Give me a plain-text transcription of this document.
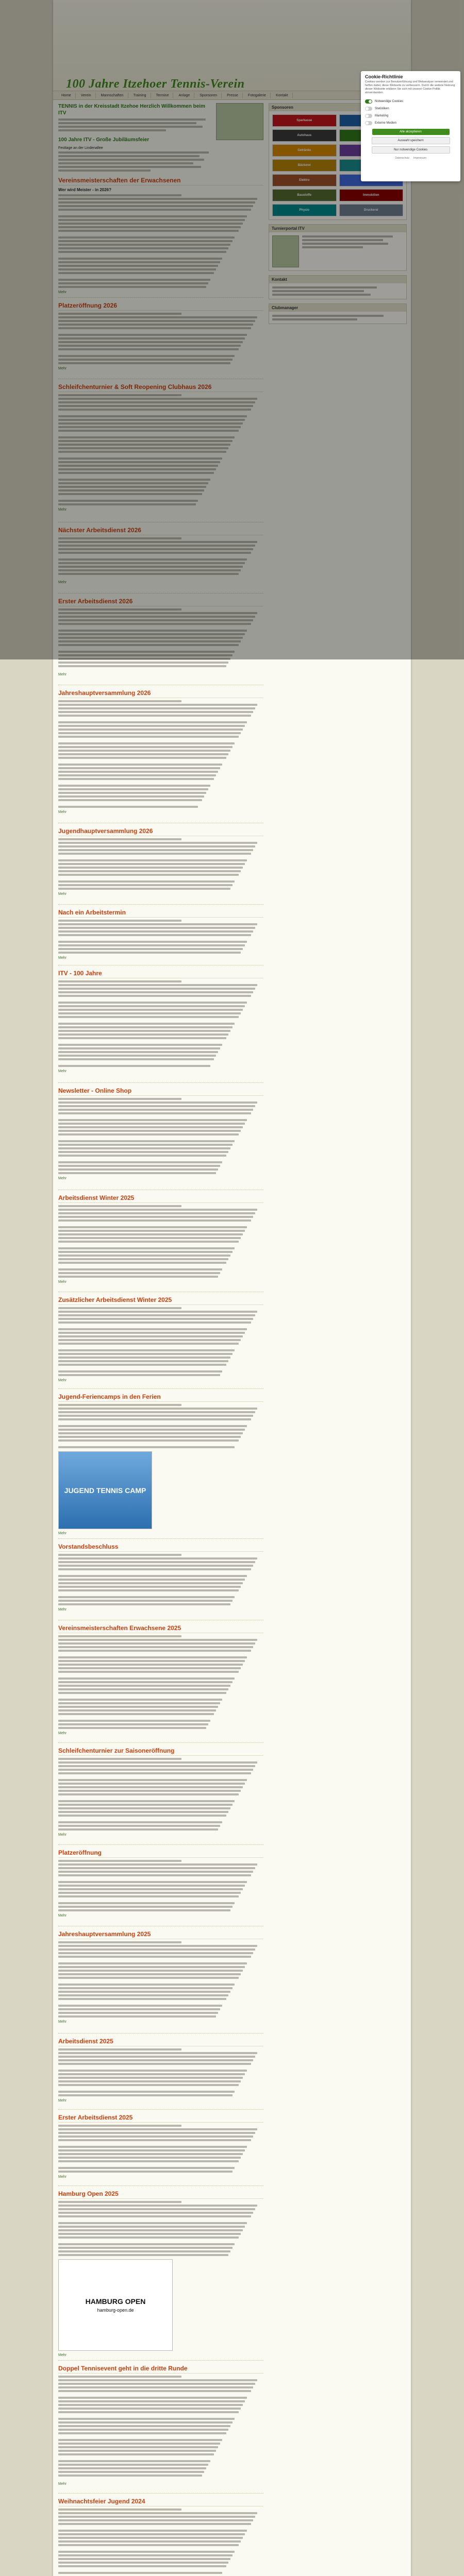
100 Jahre Itzehoer Tennis-Verein
Home	Verein	Mannschaften	Training	Termine	Anlage	Sponsoren	Presse	Fotogalerie	Kontakt
TENNIS in der Kreisstadt Itzehoe Herzlich Willkommen beim ITV
100 Jahre ITV - Große Jubiläumsfeier
Festtage an der Lindenallee
Vereinsmeisterschaften der Erwachsenen
Wer wird Meister - in 2026?
Mehr
Platzeröffnung 2026
Mehr
Schleifchenturnier & Soft Reopening Clubhaus 2026
Mehr
Nächster Arbeitsdienst 2026
Mehr
Erster Arbeitsdienst 2026
Mehr
Jahreshauptversammlung 2026
Mehr
Jugendhauptversammlung 2026
Mehr
Nach ein Arbeitstermin
Mehr
ITV - 100 Jahre
Mehr
Newsletter - Online Shop
Mehr
Arbeitsdienst Winter 2025
Mehr
Zusätzlicher Arbeitsdienst Winter 2025
Mehr
Jugend-Feriencamps in den Ferien
JUGEND TENNIS CAMP
Mehr
Vorstandsbeschluss
Mehr
Vereinsmeisterschaften Erwachsene 2025
Mehr
Schleifchenturnier zur Saisoneröffnung
Mehr
Platzeröffnung
Mehr
Jahreshauptversammlung 2025
Mehr
Arbeitsdienst 2025
Mehr
Erster Arbeitsdienst 2025
Mehr
Hamburg Open 2025
HAMBURG OPEN
hamburg-open.de
Mehr
Doppel Tennisevent geht in die dritte Runde
Mehr
Weihnachtsfeier Jugend 2024
Sponsoren
Sparkasse
Autohaus
Getränke
Bäckerei
Elektro
Baustoffe	Immobilien
Physio	Druckerei
Turnierportal ITV
Kontakt
Clubmanager
Cookie-Richtlinie
Cookies werden zur Benutzerführung und Webanalyse verwendet und helfen dabei, diese Webseite zu verbessern. Durch die weitere Nutzung dieser Webseite erklären Sie sich mit unserer Cookie-Politik einverstanden.
Notwendige Cookies
Statistiken
Marketing
Externe Medien
Alle akzeptieren
Auswahl speichern
Nur notwendige Cookies
Datenschutz Impressum
